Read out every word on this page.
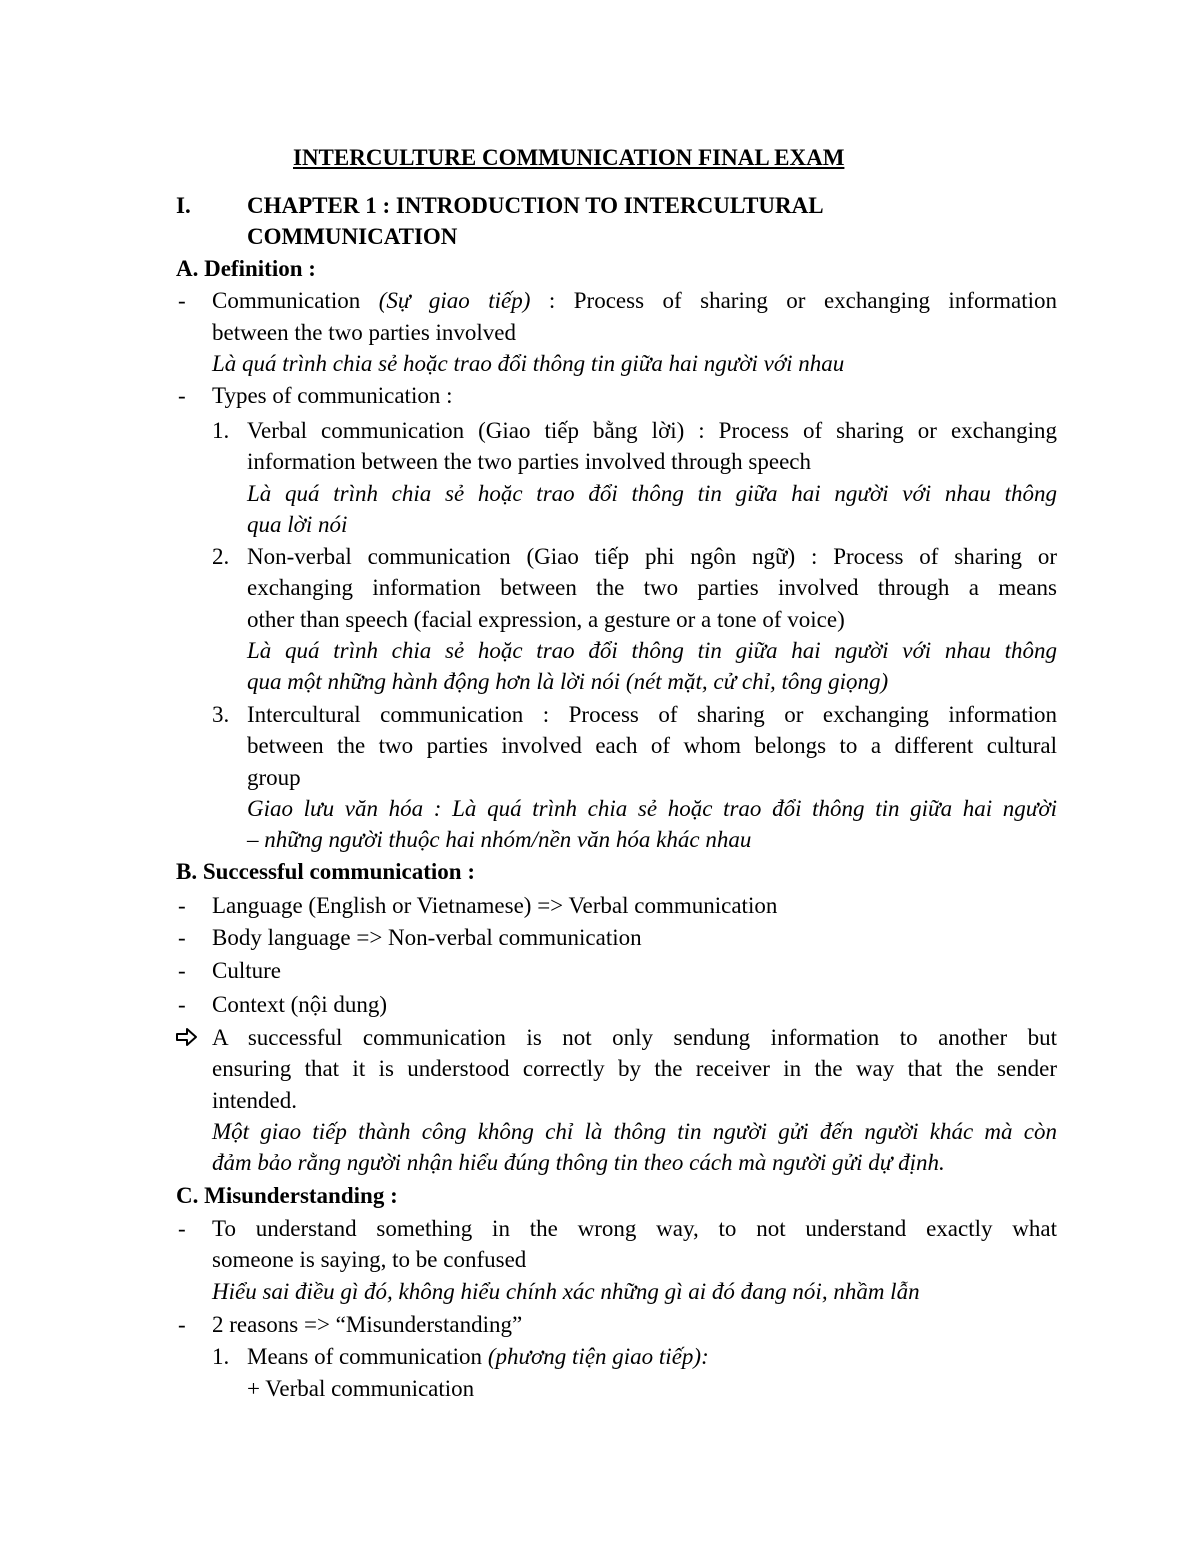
INTERCULTURE COMMUNICATION FINAL EXAM
I. CHAPTER 1 : INTRODUCTION TO INTERCULTURAL
COMMUNICATION
A. Definition :
- Communication (Sự giao tiếp) : Process of sharing or exchanging information
between the two parties involved
Là quá trình chia sẻ hoặc trao đổi thông tin giữa hai người với nhau
- Types of communication :
1. Verbal communication (Giao tiếp bằng lời) : Process of sharing or exchanging
information between the two parties involved through speech
Là quá trình chia sẻ hoặc trao đổi thông tin giữa hai người với nhau thông
qua lời nói
2. Non-verbal communication (Giao tiếp phi ngôn ngữ) : Process of sharing or
exchanging information between the two parties involved through a means
other than speech (facial expression, a gesture or a tone of voice)
Là quá trình chia sẻ hoặc trao đổi thông tin giữa hai người với nhau thông
qua một những hành động hơn là lời nói (nét mặt, cử chỉ, tông giọng)
3. Intercultural communication : Process of sharing or exchanging information
between the two parties involved each of whom belongs to a different cultural
group
Giao lưu văn hóa : Là quá trình chia sẻ hoặc trao đổi thông tin giữa hai người
– những người thuộc hai nhóm/nền văn hóa khác nhau
B. Successful communication :
- Language (English or Vietnamese) => Verbal communication
- Body language => Non-verbal communication
- Culture
- Context (nội dung)
A successful communication is not only sendung information to another but
ensuring that it is understood correctly by the receiver in the way that the sender
intended.
Một giao tiếp thành công không chỉ là thông tin người gửi đến người khác mà còn
đảm bảo rằng người nhận hiểu đúng thông tin theo cách mà người gửi dự định.
C. Misunderstanding :
- To understand something in the wrong way, to not understand exactly what
someone is saying, to be confused
Hiểu sai điều gì đó, không hiểu chính xác những gì ai đó đang nói, nhầm lẫn
- 2 reasons => “Misunderstanding”
1. Means of communication (phương tiện giao tiếp):
+ Verbal communication
